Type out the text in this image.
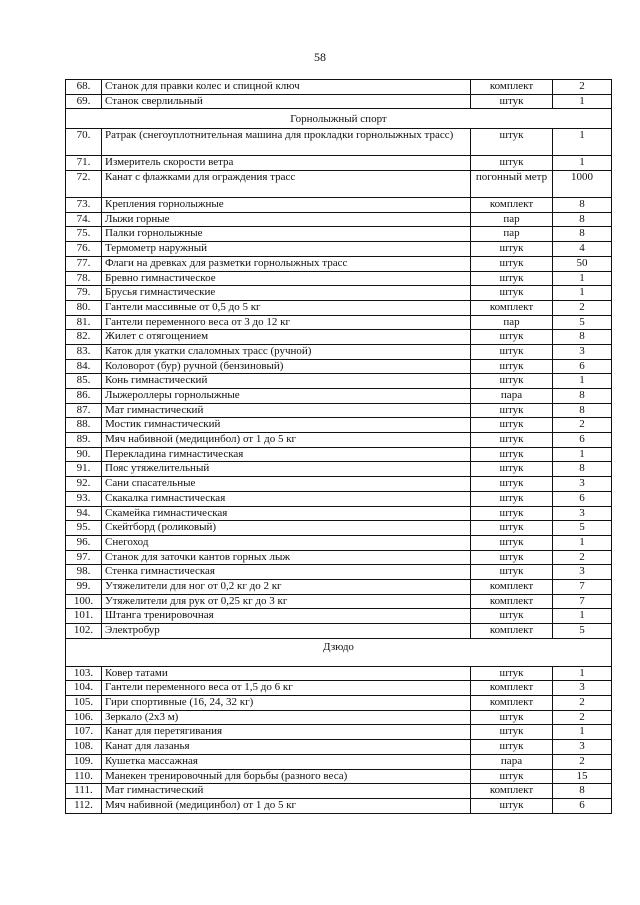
58
68.	Станок для правки колес и спицной ключ	комплект	2
69.	Станок сверлильный	штук	1
Горнолыжный спорт			
70.	Ратрак (снегоуплотнительная машина для прокладки горнолыжных трасс)	штук	1
71.	Измеритель скорости ветра	штук	1
72.	Канат с флажками для ограждения трасс	погонный метр	1000
73.	Крепления горнолыжные	комплект	8
74.	Лыжи горные	пар	8
75.	Палки горнолыжные	пар	8
76.	Термометр наружный	штук	4
77.	Флаги на древках для разметки горнолыжных трасс	штук	50
78.	Бревно гимнастическое	штук	1
79.	Брусья гимнастические	штук	1
80.	Гантели массивные от 0,5 до 5 кг	комплект	2
81.	Гантели переменного веса от 3 до 12 кг	пар	5
82.	Жилет с отягощением	штук	8
83.	Каток для укатки слаломных трасс (ручной)	штук	3
84.	Коловорот (бур) ручной (бензиновый)	штук	6
85.	Конь гимнастический	штук	1
86.	Лыжероллеры горнолыжные	пара	8
87.	Мат гимнастический	штук	8
88.	Мостик гимнастический	штук	2
89.	Мяч набивной (медицинбол) от 1 до 5 кг	штук	6
90.	Перекладина гимнастическая	штук	1
91.	Пояс утяжелительный	штук	8
92.	Сани спасательные	штук	3
93.	Скакалка гимнастическая	штук	6
94.	Скамейка гимнастическая	штук	3
95.	Скейтборд (роликовый)	штук	5
96.	Снегоход	штук	1
97.	Станок для заточки кантов горных лыж	штук	2
98.	Стенка гимнастическая	штук	3
99.	Утяжелители для ног от 0,2 кг до 2 кг	комплект	7
100.	Утяжелители для рук от 0,25 кг до 3 кг	комплект	7
101.	Штанга тренировочная	штук	1
102.	Электробур	комплект	5
Дзюдо			
103.	Ковер татами	штук	1
104.	Гантели переменного веса от 1,5 до 6 кг	комплект	3
105.	Гири спортивные (16, 24, 32 кг)	комплект	2
106.	Зеркало (2х3 м)	штук	2
107.	Канат для перетягивания	штук	1
108.	Канат для лазанья	штук	3
109.	Кушетка массажная	пара	2
110.	Манекен тренировочный для борьбы (разного веса)	штук	15
111.	Мат гимнастический	комплект	8
112.	Мяч набивной (медицинбол) от 1 до 5 кг	штук	6
